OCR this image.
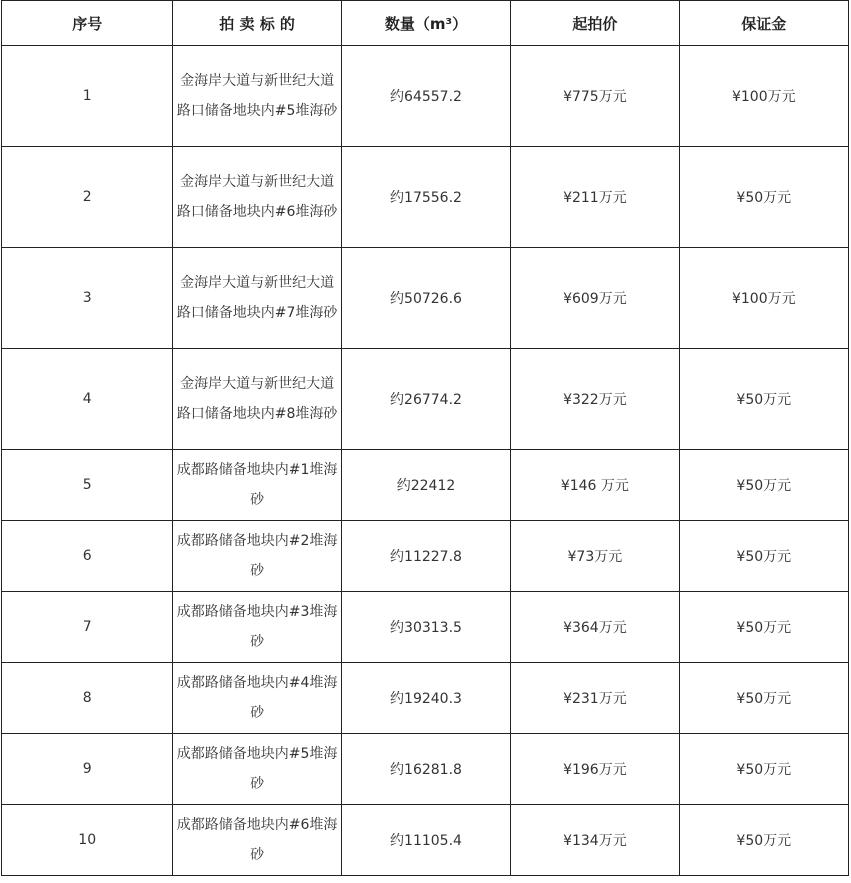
序号	拍 卖 标 的	数量（m³）	起拍价	保证金
1	金海岸大道与新世纪大道路口储备地块内#5堆海砂	约64557.2	¥775万元	¥100万元
2	金海岸大道与新世纪大道路口储备地块内#6堆海砂	约17556.2	¥211万元	¥50万元
3	金海岸大道与新世纪大道路口储备地块内#7堆海砂	约50726.6	¥609万元	¥100万元
4	金海岸大道与新世纪大道路口储备地块内#8堆海砂	约26774.2	¥322万元	¥50万元
5	成都路储备地块内#1堆海砂	约22412	¥146 万元	¥50万元
6	成都路储备地块内#2堆海砂	约11227.8	¥73万元	¥50万元
7	成都路储备地块内#3堆海砂	约30313.5	¥364万元	¥50万元
8	成都路储备地块内#4堆海砂	约19240.3	¥231万元	¥50万元
9	成都路储备地块内#5堆海砂	约16281.8	¥196万元	¥50万元
10	成都路储备地块内#6堆海砂	约11105.4	¥134万元	¥50万元
